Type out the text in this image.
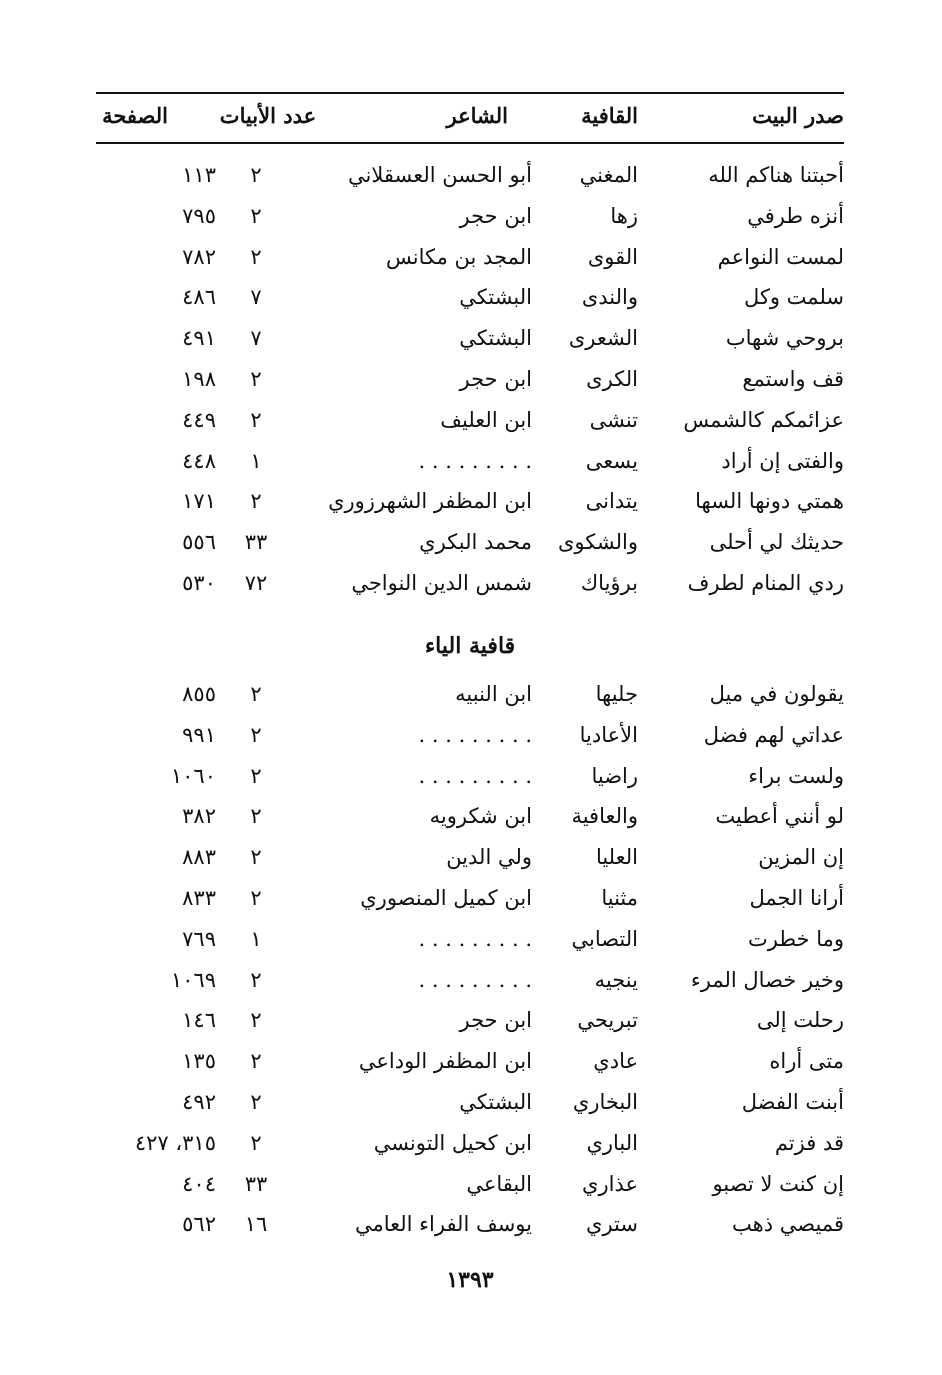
صدر البيت
القافية
الشاعر
عدد الأبيات
الصفحة
أحبتنا هناكم الله
المغني
أبو الحسن العسقلاني
٢
١١٣
أنزه طرفي
زها
ابن حجر
٢
٧٩٥
لمست النواعم
القوى
المجد بن مكانس
٢
٧٨٢
سلمت وكل
والندى
البشتكي
٧
٤٨٦
بروحي شهاب
الشعرى
البشتكي
٧
٤٩١
قف واستمع
الكرى
ابن حجر
٢
١٩٨
عزائمكم كالشمس
تنشى
ابن العليف
٢
٤٤٩
والفتى إن أراد
يسعى
. . . . . . . . .
١
٤٤٨
همتي دونها السها
يتدانى
ابن المظفر الشهرزوري
٢
١٧١
حديثك لي أحلى
والشكوى
محمد البكري
٣٣
٥٥٦
ردي المنام لطرف
برؤياك
شمس الدين النواجي
٧٢
٥٣٠
قافية الياء
يقولون في ميل
جليها
ابن النبيه
٢
٨٥٥
عداتي لهم فضل
الأعاديا
. . . . . . . . .
٢
٩٩١
ولست براء
راضيا
. . . . . . . . .
٢
١٠٦٠
لو أنني أعطيت
والعافية
ابن شكرويه
٢
٣٨٢
إن المزين
العليا
ولي الدين
٢
٨٨٣
أرانا الجمل
مثنيا
ابن كميل المنصوري
٢
٨٣٣
وما خطرت
التصابي
. . . . . . . . .
١
٧٦٩
وخير خصال المرء
ينجيه
. . . . . . . . .
٢
١٠٦٩
رحلت إلى
تبريحي
ابن حجر
٢
١٤٦
متى أراه
عادي
ابن المظفر الوداعي
٢
١٣٥
أبنت الفضل
البخاري
البشتكي
٢
٤٩٢
قد فزتم
الباري
ابن كحيل التونسي
٢
٣١٥، ٤٢٧
إن كنت لا تصبو
عذاري
البقاعي
٣٣
٤٠٤
قميصي ذهب
ستري
يوسف الفراء العامي
١٦
٥٦٢
١٣٩٣
